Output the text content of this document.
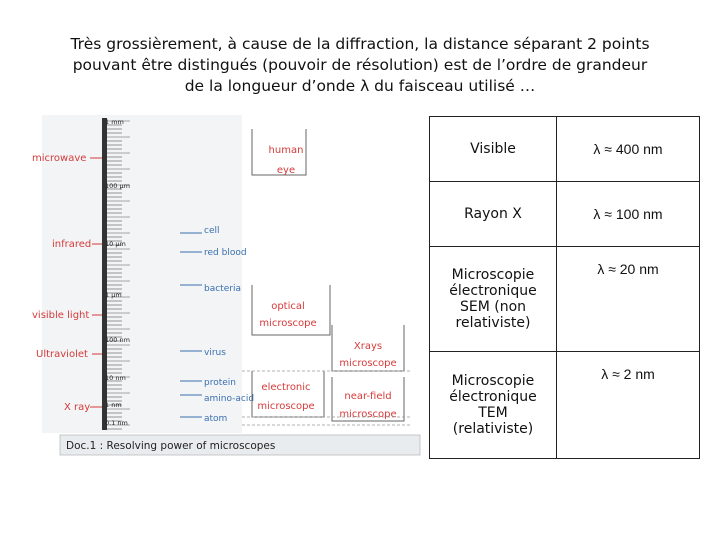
Très grossièrement, à cause de la diffraction, la distance séparant 2 points
pouvant être distingués (pouvoir de résolution) est de l’ordre de grandeur
de la longueur d’onde λ du faisceau utilisé …
microwave
infrared
visible light
Ultraviolet
X ray
1 mm
100 µm
10 µm
1 µm
100 nm
10 nm
1 nm
0.1 nm
cell
red blood
bacteria
virus
protein
amino-acid
atom
human
eye
optical
microscope
Xrays
microscope
electronic
microscope
near-field
microscope
Doc.1 : Resolving power of microscopes
Visible	λ ≈ 400 nm
Rayon X	λ ≈ 100 nm
Microscopie
électronique
SEM (non
relativiste)	λ ≈ 20 nm
Microscopie
électronique
TEM
(relativiste)	λ ≈ 2 nm
